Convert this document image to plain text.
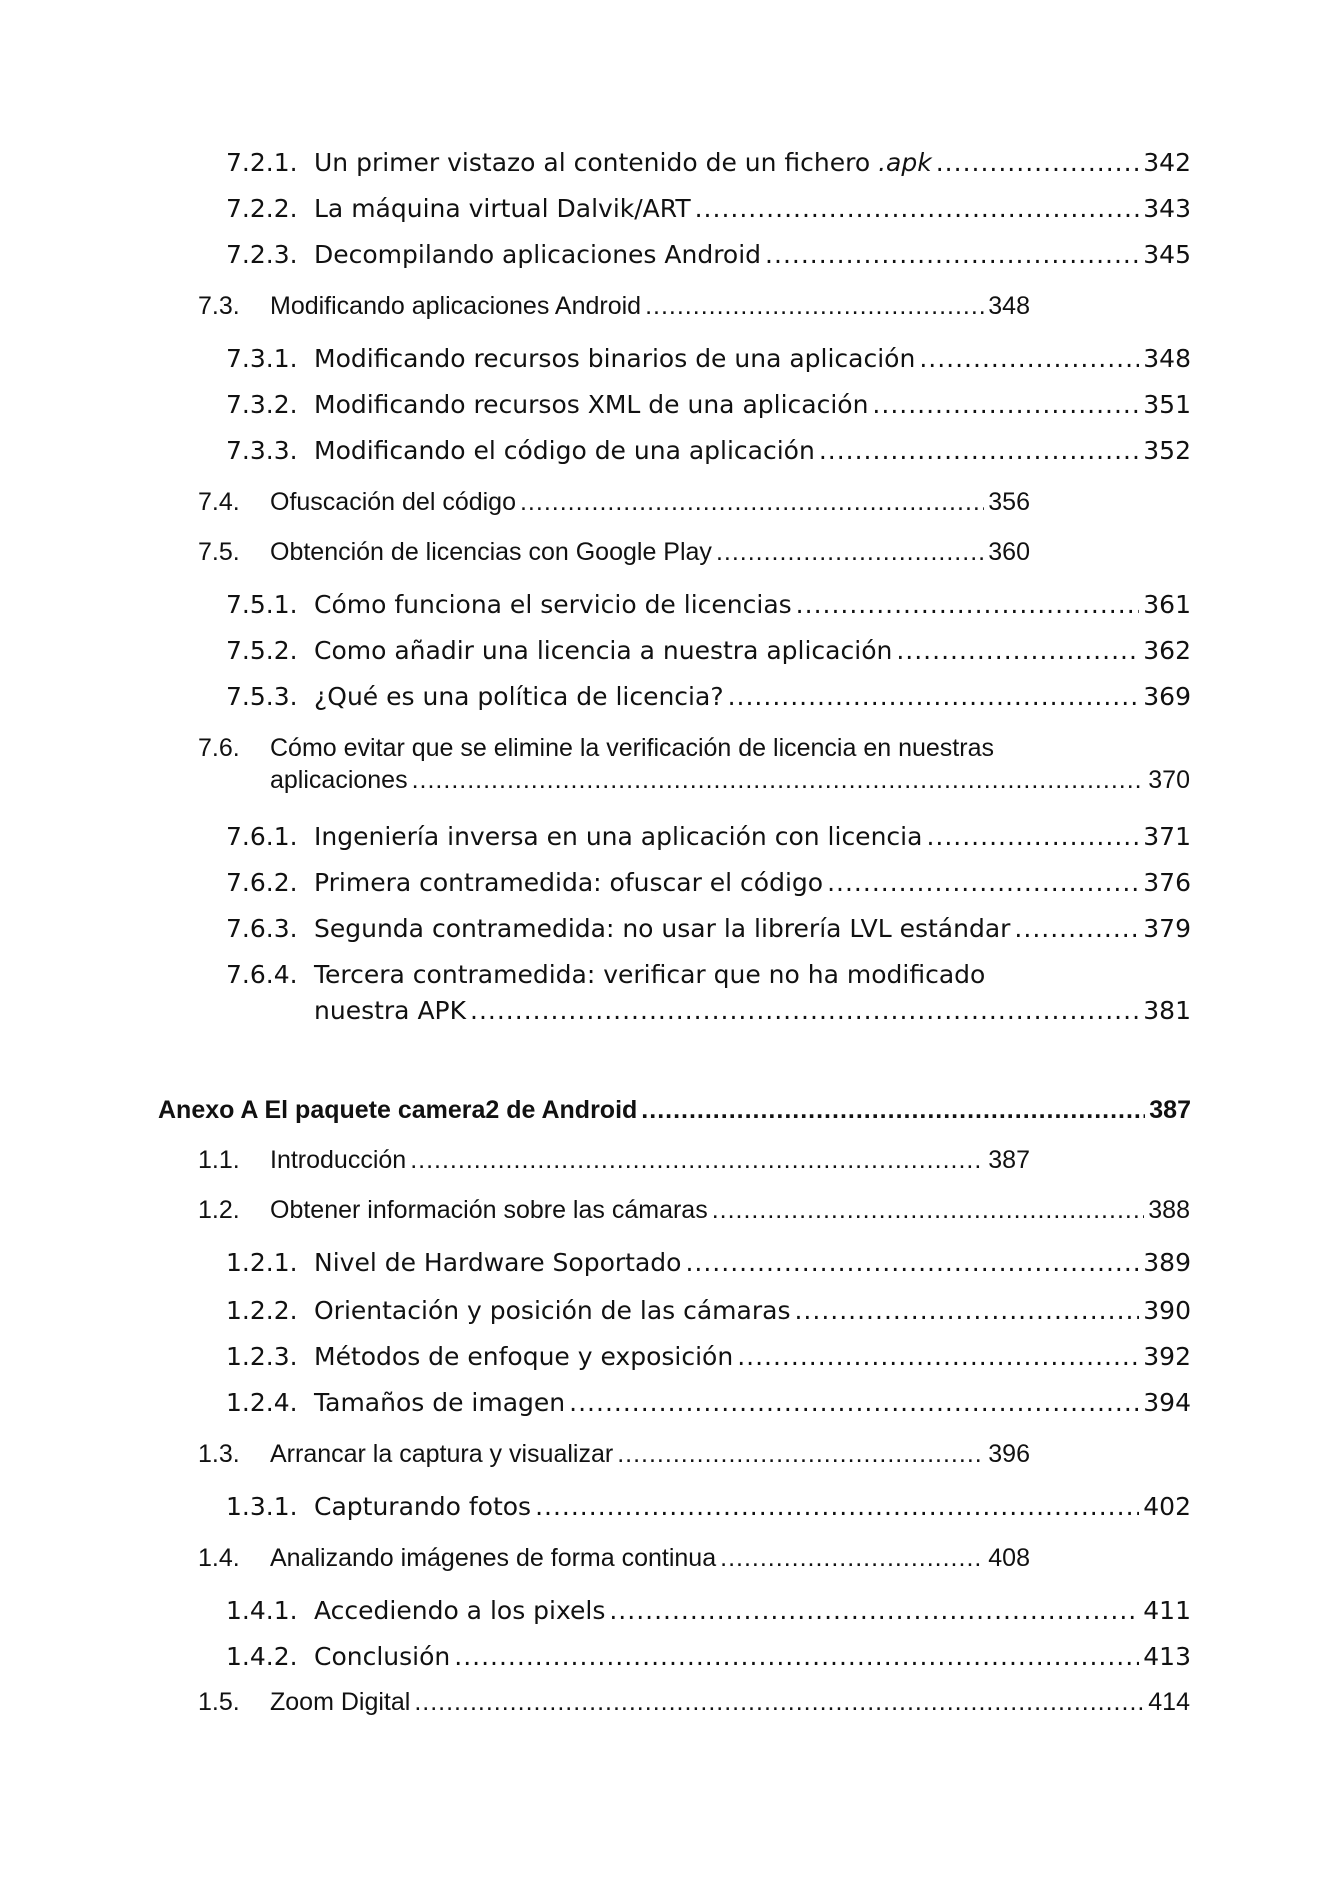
7.2.1. Un primer vistazo al contenido de un fichero .apk .....	342
7.2.2. La máquina virtual Dalvik/ART .....	343
7.2.3. Decompilando aplicaciones Android .....	345
7.3.	Modificando aplicaciones Android .....	348
7.3.1. Modificando recursos binarios de una aplicación .....	348
7.3.2. Modificando recursos XML de una aplicación .....	351
7.3.3. Modificando el código de una aplicación .....	352
7.4.	Ofuscación del código .....	356
7.5.	Obtención de licencias con Google Play .....	360
7.5.1. Cómo funciona el servicio de licencias .....	361
7.5.2. Como añadir una licencia a nuestra aplicación .....	362
7.5.3. ¿Qué es una política de licencia? .....	369
7.6. Cómo evitar que se elimine la verificación de licencia en nuestras
aplicaciones .....	370
7.6.1. Ingeniería inversa en una aplicación con licencia .....	371
7.6.2. Primera contramedida: ofuscar el código .....	376
7.6.3. Segunda contramedida: no usar la librería LVL estándar .....	379
7.6.4. Tercera contramedida: verificar que no ha modificado
nuestra APK .....	381
Anexo A El paquete camera2 de Android .....	387
1.1.	Introducción .....	387
1.2.	Obtener información sobre las cámaras .....	388
1.2.1. Nivel de Hardware Soportado .....	389
1.2.2. Orientación y posición de las cámaras .....	390
1.2.3. Métodos de enfoque y exposición .....	392
1.2.4. Tamaños de imagen .....	394
1.3.	Arrancar la captura y visualizar .....	396
1.3.1. Capturando fotos .....	402
1.4.	Analizando imágenes de forma continua .....	408
1.4.1. Accediendo a los pixels .....	411
1.4.2. Conclusión .....	413
1.5.	Zoom Digital .....	414
